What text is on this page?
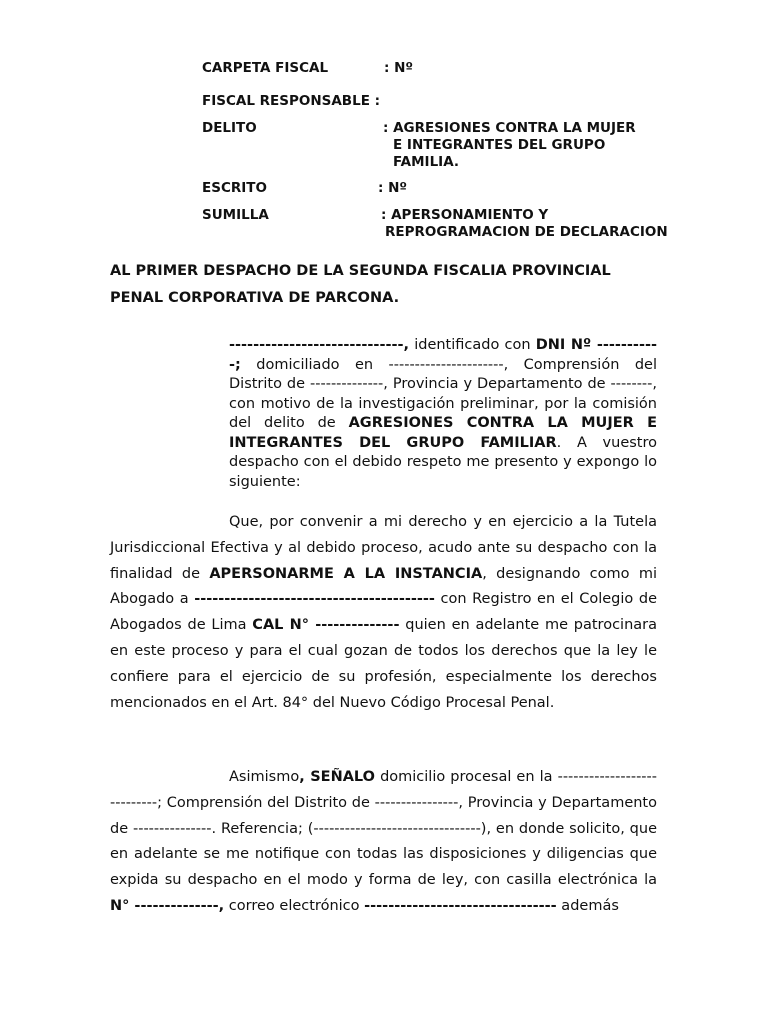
CARPETA FISCAL	: Nº
FISCAL RESPONSABLE :
DELITO	: AGRESIONES CONTRA LA MUJER
E INTEGRANTES DEL GRUPO
FAMILIA.
ESCRITO	: Nº
SUMILLA	: APERSONAMIENTO Y
REPROGRAMACION DE DECLARACION
AL PRIMER DESPACHO DE LA SEGUNDA FISCALIA PROVINCIAL PENAL CORPORATIVA DE PARCONA.
-----------------------------, identificado con DNI Nº -----------; domiciliado en ----------------------, Comprensión del Distrito de --------------, Provincia y Departamento de --------, con motivo de la investigación preliminar, por la comisión del delito de AGRESIONES CONTRA LA MUJER E INTEGRANTES DEL GRUPO FAMILIAR. A vuestro despacho con el debido respeto me presento y expongo lo siguiente:
Que, por convenir a mi derecho y en ejercicio a la Tutela Jurisdiccional Efectiva y al debido proceso, acudo ante su despacho con la finalidad de APERSONARME A LA INSTANCIA, designando como mi Abogado a ---------------------------------------- con Registro en el Colegio de Abogados de Lima CAL N° -------------- quien en adelante me patrocinara en este proceso y para el cual gozan de todos los derechos que la ley le confiere para el ejercicio de su profesión, especialmente los derechos mencionados en el Art. 84° del Nuevo Código Procesal Penal.
Asimismo, SEÑALO domicilio procesal en la ----------------------------; Comprensión del Distrito de ----------------, Provincia y Departamento de ---------------. Referencia; (--------------------------------), en donde solicito, que en adelante se me notifique con todas las disposiciones y diligencias que expida su despacho en el modo y forma de ley, con casilla electrónica la N° --------------, correo electrónico -------------------------------- además
